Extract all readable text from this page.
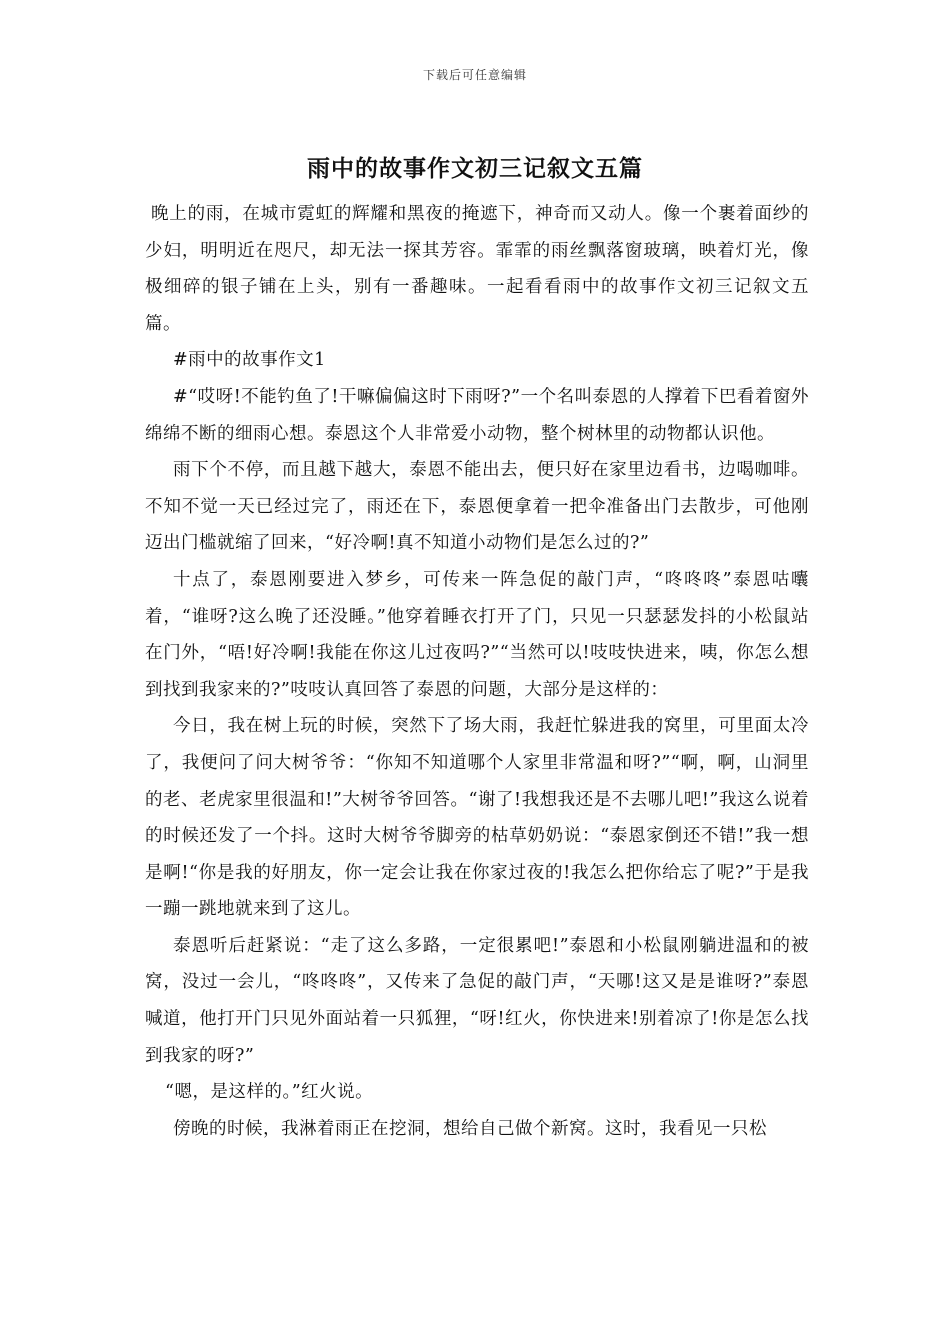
下载后可任意编辑
雨中的故事作文初三记叙文五篇

晚上的雨，在城市霓虹的辉耀和黑夜的掩遮下，神奇而又动人。像一个裹着面纱的少妇，明明近在咫尺，却无法一探其芳容。霏霏的雨丝飘落窗玻璃，映着灯光，像极细碎的银子铺在上头，别有一番趣味。一起看看雨中的故事作文初三记叙文五篇。

#雨中的故事作文1

#“哎呀!不能钓鱼了!干嘛偏偏这时下雨呀?”一个名叫泰恩的人撑着下巴看着窗外绵绵不断的细雨心想。泰恩这个人非常爱小动物，整个树林里的动物都认识他。

雨下个不停，而且越下越大，泰恩不能出去，便只好在家里边看书，边喝咖啡。不知不觉一天已经过完了，雨还在下，泰恩便拿着一把伞准备出门去散步，可他刚迈出门槛就缩了回来，“好冷啊!真不知道小动物们是怎么过的?”

十点了，泰恩刚要进入梦乡，可传来一阵急促的敲门声，“咚咚咚”泰恩咕囔着，“谁呀?这么晚了还没睡。”他穿着睡衣打开了门，只见一只瑟瑟发抖的小松鼠站在门外，“唔!好冷啊!我能在你这儿过夜吗?”“当然可以!吱吱快进来，咦，你怎么想到找到我家来的?”吱吱认真回答了泰恩的问题，大部分是这样的：

今日，我在树上玩的时候，突然下了场大雨，我赶忙躲进我的窝里，可里面太冷了，我便问了问大树爷爷：“你知不知道哪个人家里非常温和呀?”“啊，啊，山洞里的老、老虎家里很温和!”大树爷爷回答。“谢了!我想我还是不去哪儿吧!”我这么说着的时候还发了一个抖。这时大树爷爷脚旁的枯草奶奶说：“泰恩家倒还不错!”我一想是啊!“你是我的好朋友，你一定会让我在你家过夜的!我怎么把你给忘了呢?”于是我一蹦一跳地就来到了这儿。

泰恩听后赶紧说：“走了这么多路，一定很累吧!”泰恩和小松鼠刚躺进温和的被窝，没过一会儿，“咚咚咚”，又传来了急促的敲门声，“天哪!这又是是谁呀?”泰恩喊道，他打开门只见外面站着一只狐狸，“呀!红火，你快进来!别着凉了!你是怎么找到我家的呀?”

“嗯，是这样的。”红火说。

傍晚的时候，我淋着雨正在挖洞，想给自己做个新窝。这时，我看见一只松
